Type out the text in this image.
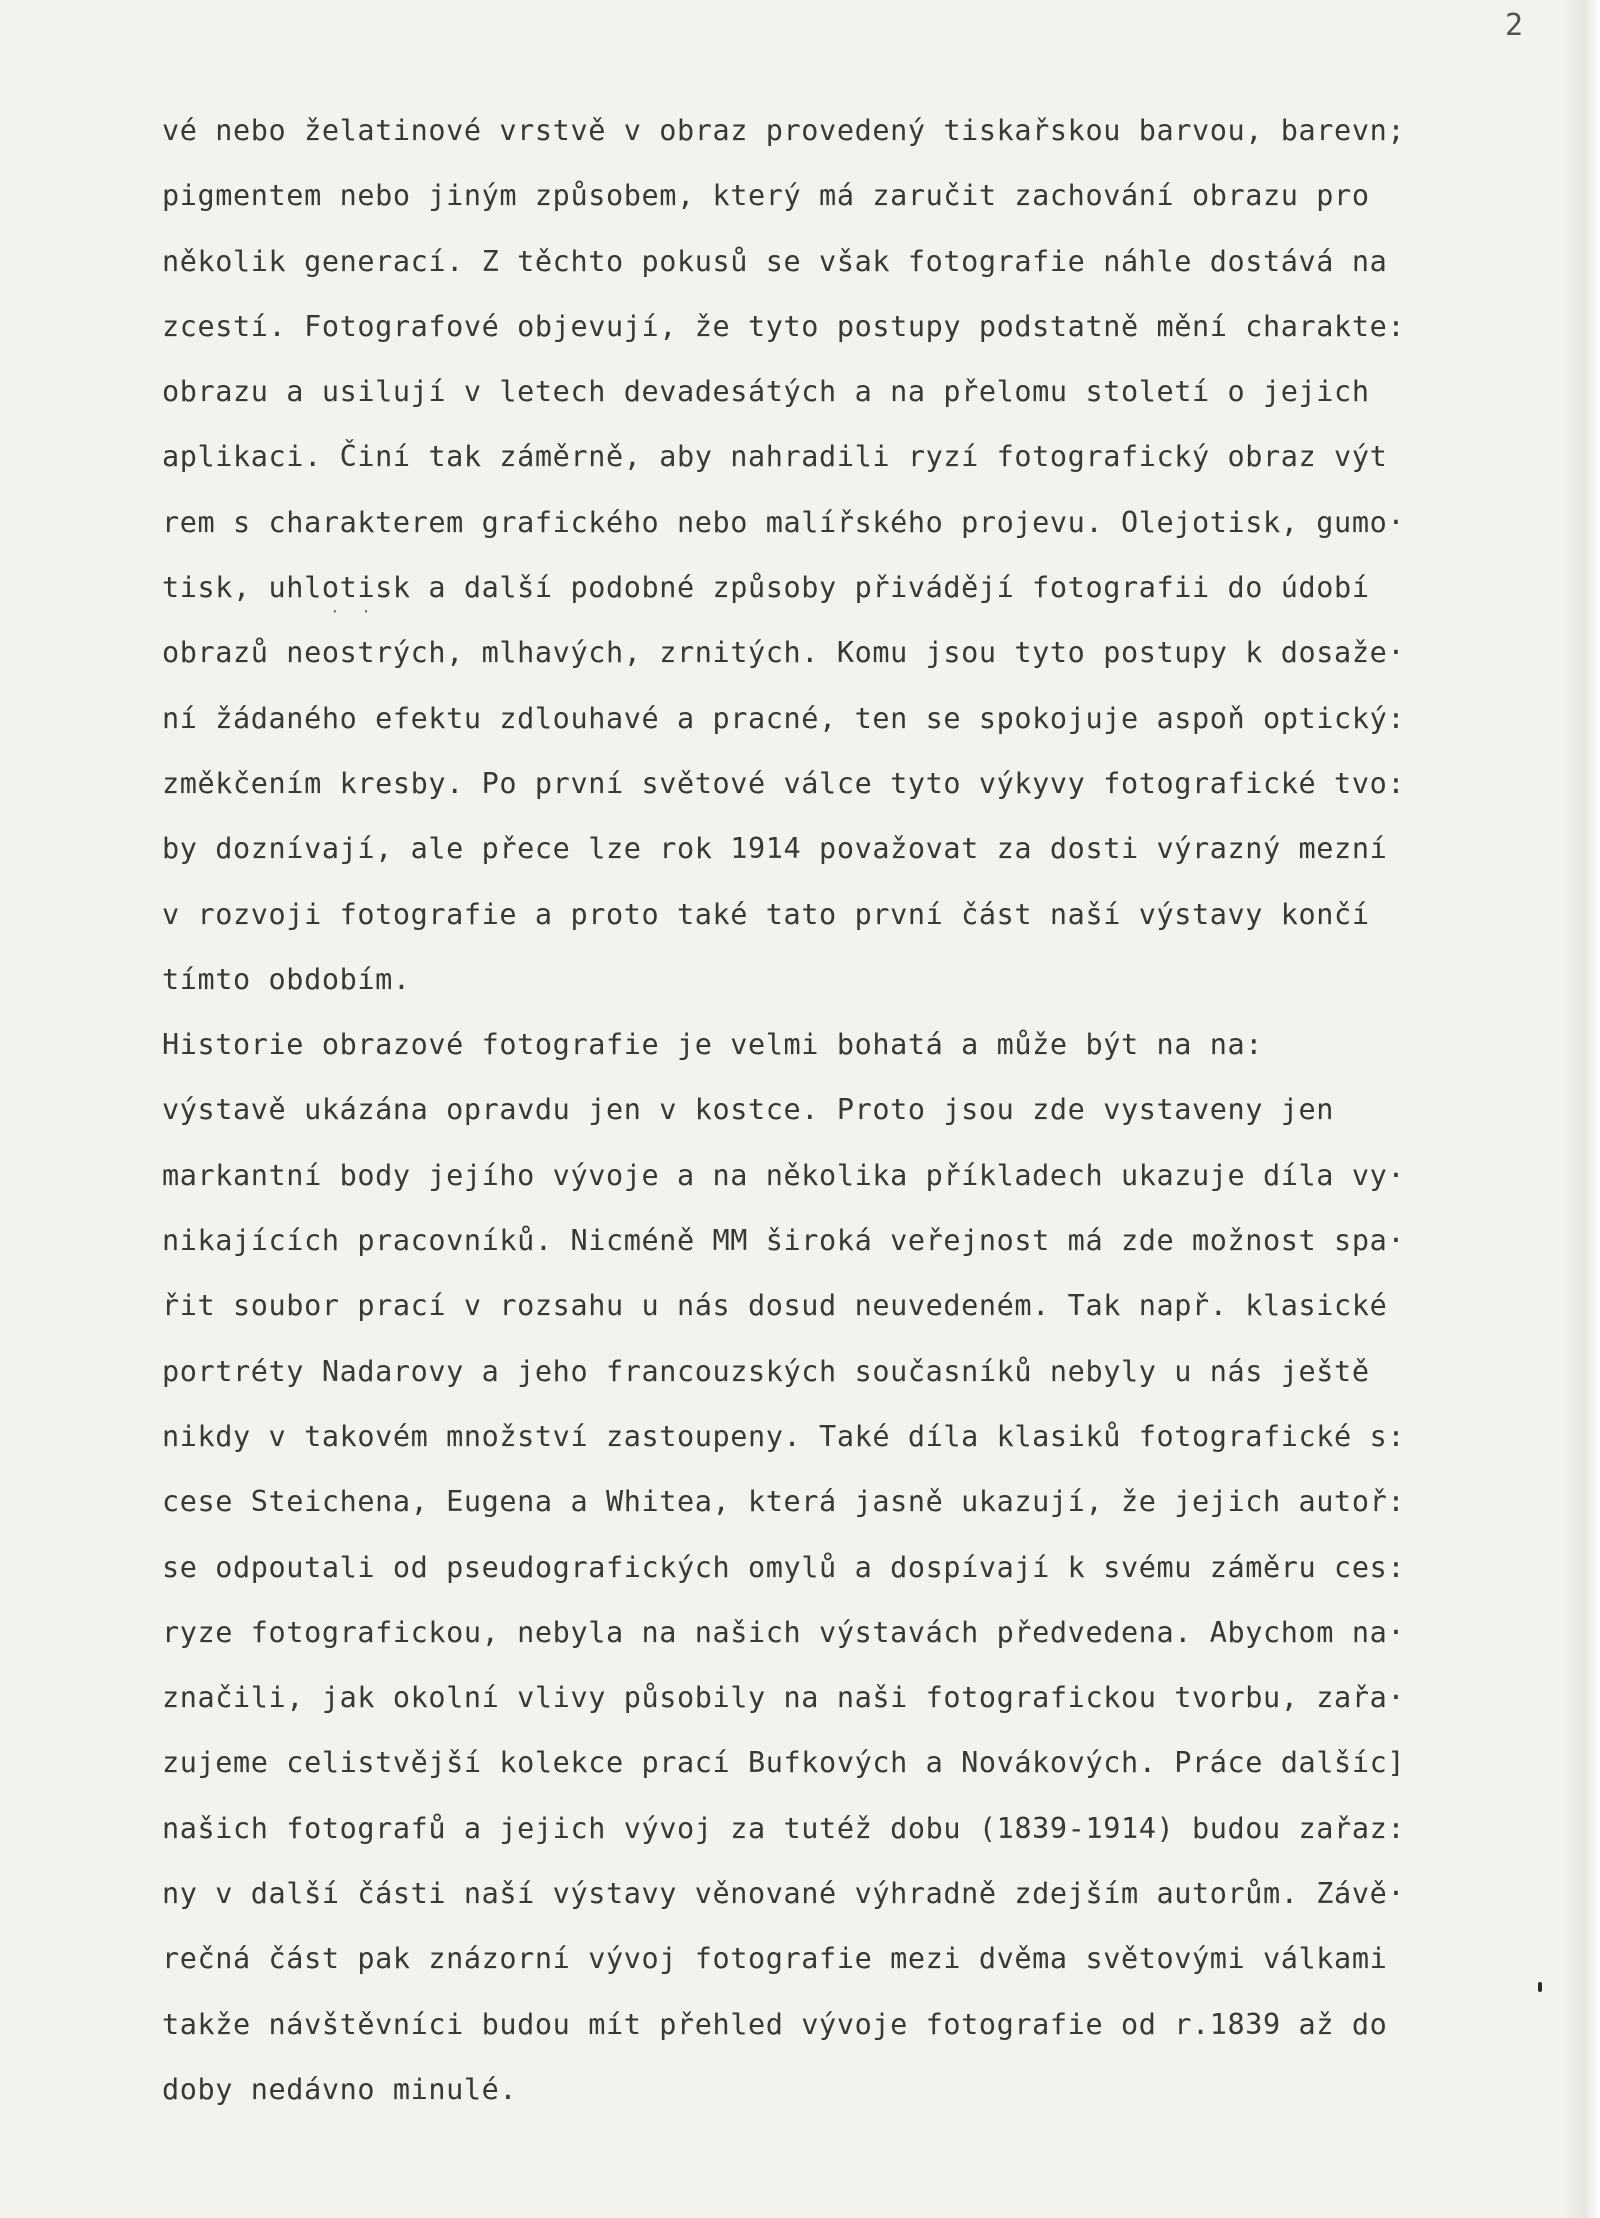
2
· ·
vé nebo želatinové vrstvě v obraz provedený tiskařskou barvou, barevn;
pigmentem nebo jiným způsobem, který má zaručit zachování obrazu pro
několik generací. Z těchto pokusů se však fotografie náhle dostává na
zcestí. Fotografové objevují, že tyto postupy podstatně mění charakte:
obrazu a usilují v letech devadesátých a na přelomu století o jejich
aplikaci. Činí tak záměrně, aby nahradili ryzí fotografický obraz výt
rem s charakterem grafického nebo malířského projevu. Olejotisk, gumo·
tisk, uhlotisk a další podobné způsoby přivádějí fotografii do údobí
obrazů neostrých, mlhavých, zrnitých. Komu jsou tyto postupy k dosaže·
ní žádaného efektu zdlouhavé a pracné, ten se spokojuje aspoň optický:
změkčením kresby. Po první světové válce tyto výkyvy fotografické tvo:
by doznívají, ale přece lze rok 1914 považovat za dosti výrazný mezní
v rozvoji fotografie a proto také tato první část naší výstavy končí
tímto obdobím.
Historie obrazové fotografie je velmi bohatá a může být na na:
výstavě ukázána opravdu jen v kostce. Proto jsou zde vystaveny jen
markantní body jejího vývoje a na několika příkladech ukazuje díla vy·
nikajících pracovníků. Nicméně MM široká veřejnost má zde možnost spa·
řit soubor prací v rozsahu u nás dosud neuvedeném. Tak např. klasické
portréty Nadarovy a jeho francouzských současníků nebyly u nás ještě
nikdy v takovém množství zastoupeny. Také díla klasiků fotografické s:
cese Steichena, Eugena a Whitea, která jasně ukazují, že jejich autoř:
se odpoutali od pseudografických omylů a dospívají k svému záměru ces:
ryze fotografickou, nebyla na našich výstavách předvedena. Abychom na·
značili, jak okolní vlivy působily na naši fotografickou tvorbu, zařa·
zujeme celistvější kolekce prací Bufkových a Novákových. Práce dalšíc]
našich fotografů a jejich vývoj za tutéž dobu (1839-1914) budou zařaz:
ny v další části naší výstavy věnované výhradně zdejším autorům. Závě·
rečná část pak znázorní vývoj fotografie mezi dvěma světovými válkami
takže návštěvníci budou mít přehled vývoje fotografie od r.1839 až do
doby nedávno minulé.
